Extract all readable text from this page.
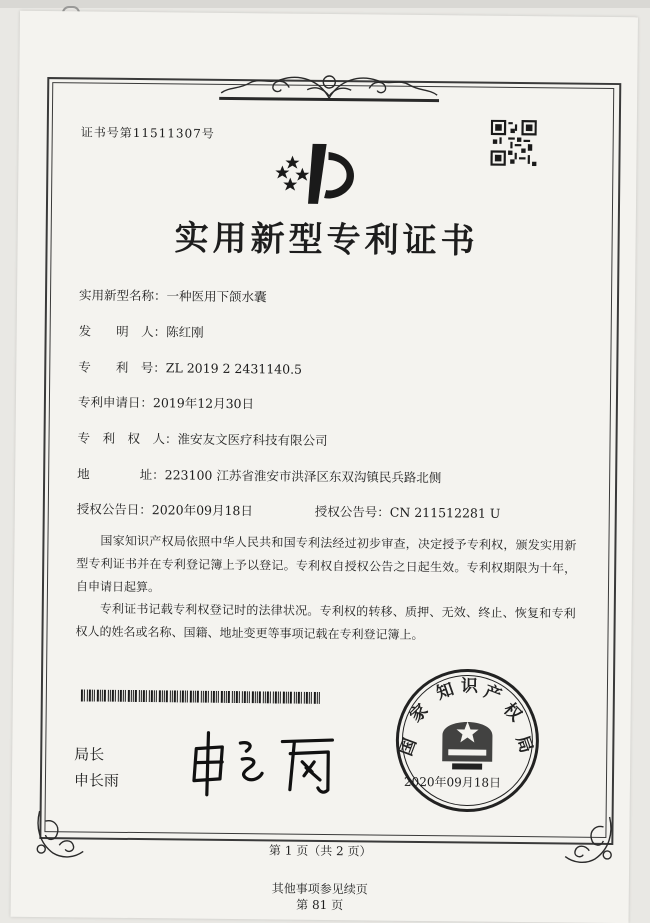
证书号第11511307号
实用新型专利证书
实用新型名称：一种医用下颌水囊
发　　明　人：陈红刚
专　　利　号：ZL 2019 2 2431140.5
专利申请日：2019年12月30日
专　利　权　人：淮安友文医疗科技有限公司
地　　　　址：223100 江苏省淮安市洪泽区东双沟镇民兵路北侧
授权公告日：2020年09月18日	授权公告号：CN 211512281 U
国家知识产权局依照中华人民共和国专利法经过初步审查，决定授予专利权，颁发实用新型专利证书并在专利登记簿上予以登记。专利权自授权公告之日起生效。专利权期限为十年，自申请日起算。
专利证书记载专利权登记时的法律状况。专利权的转移、质押、无效、终止、恢复和专利权人的姓名或名称、国籍、地址变更等事项记载在专利登记簿上。
局长
申长雨
国
家
知 识 产
权
局
2020年09月18日
第 1 页（共 2 页）
其他事项参见续页
第 81 页
